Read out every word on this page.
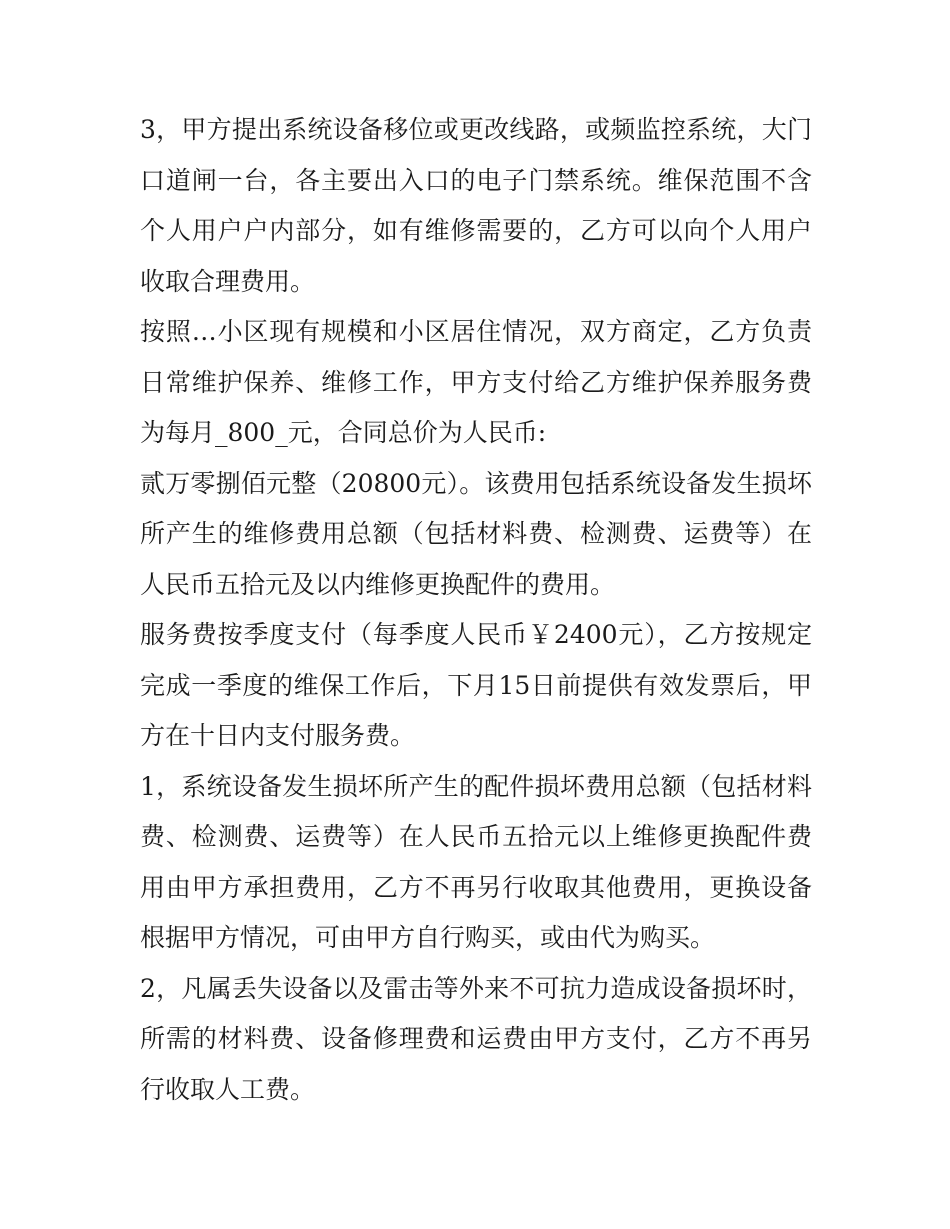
3，甲方提出系统设备移位或更改线路，或频监控系统，大门口道闸一台，各主要出入口的电子门禁系统。维保范围不含个人用户户内部分，如有维修需要的，乙方可以向个人用户收取合理费用。

按照…小区现有规模和小区居住情况，双方商定，乙方负责日常维护保养、维修工作，甲方支付给乙方维护保养服务费为每月_800_元，合同总价为人民币:

贰万零捌佰元整（20800元）。该费用包括系统设备发生损坏所产生的维修费用总额（包括材料费、检测费、运费等）在人民币五拾元及以内维修更换配件的费用。

服务费按季度支付（每季度人民币￥2400元），乙方按规定完成一季度的维保工作后，下月15日前提供有效发票后，甲方在十日内支付服务费。

1，系统设备发生损坏所产生的配件损坏费用总额（包括材料费、检测费、运费等）在人民币五拾元以上维修更换配件费用由甲方承担费用，乙方不再另行收取其他费用，更换设备根据甲方情况，可由甲方自行购买，或由代为购买。

2，凡属丢失设备以及雷击等外来不可抗力造成设备损坏时，所需的材料费、设备修理费和运费由甲方支付，乙方不再另行收取人工费。
